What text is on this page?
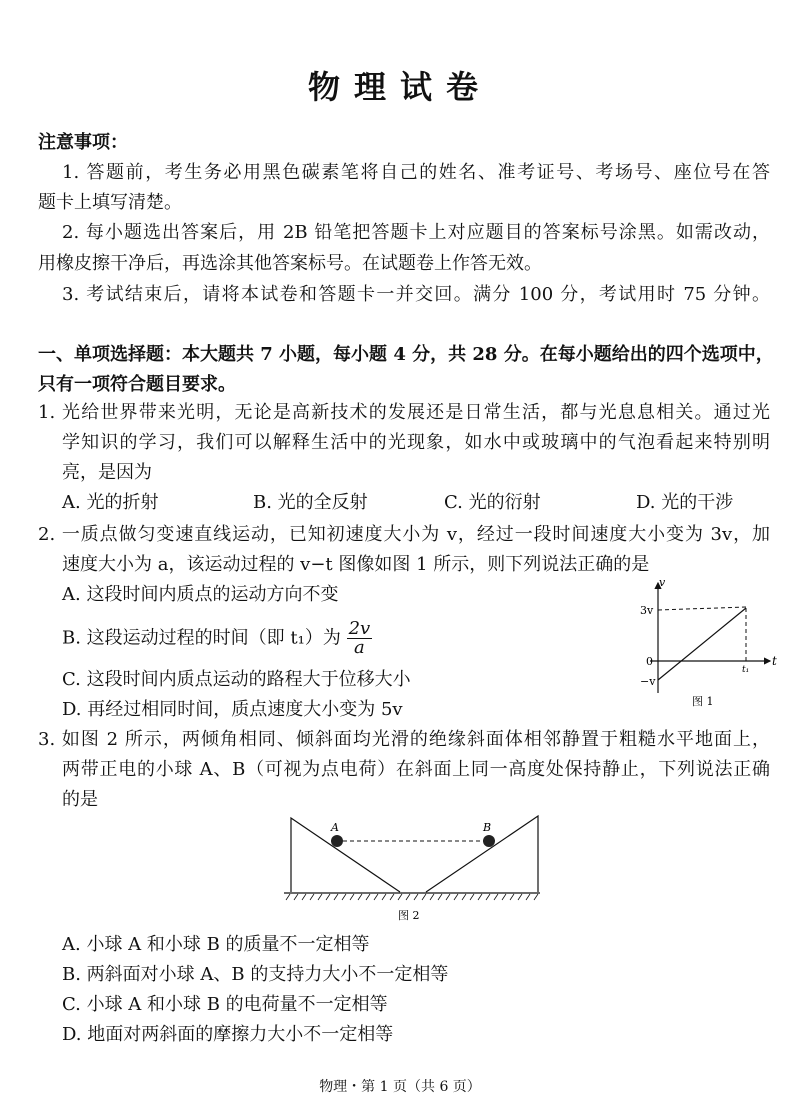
物理试卷
注意事项：
1. 答题前，考生务必用黑色碳素笔将自己的姓名、准考证号、考场号、座位号在答
题卡上填写清楚。
2. 每小题选出答案后，用 2B 铅笔把答题卡上对应题目的答案标号涂黑。如需改动，
用橡皮擦干净后，再选涂其他答案标号。在试题卷上作答无效。
3. 考试结束后，请将本试卷和答题卡一并交回。满分 100 分，考试用时 75 分钟。
一、单项选择题：本大题共 7 小题，每小题 4 分，共 28 分。在每小题给出的四个选项中，
只有一项符合题目要求。
1. 光给世界带来光明，无论是高新技术的发展还是日常生活，都与光息息相关。通过光
学知识的学习，我们可以解释生活中的光现象，如水中或玻璃中的气泡看起来特别明
亮，是因为
A. 光的折射	B. 光的全反射	C. 光的衍射	D. 光的干涉
2. 一质点做匀变速直线运动，已知初速度大小为 v，经过一段时间速度大小变为 3v，加
速度大小为 a，该运动过程的 v−t 图像如图 1 所示，则下列说法正确的是
A. 这段时间内质点的运动方向不变
B. 这段运动过程的时间（即 t₁）为 $\frac{2v}{a}$
C. 这段时间内质点运动的路程大于位移大小
D. 再经过相同时间，质点速度大小变为 5v
v
t
3v
0
−v
t₁
图 1
3. 如图 2 所示，两倾角相同、倾斜面均光滑的绝缘斜面体相邻静置于粗糙水平地面上，
两带正电的小球 A、B（可视为点电荷）在斜面上同一高度处保持静止，下列说法正确
的是
A	B
图 2
A. 小球 A 和小球 B 的质量不一定相等
B. 两斜面对小球 A、B 的支持力大小不一定相等
C. 小球 A 和小球 B 的电荷量不一定相等
D. 地面对两斜面的摩擦力大小不一定相等
物理・第 1 页（共 6 页）
